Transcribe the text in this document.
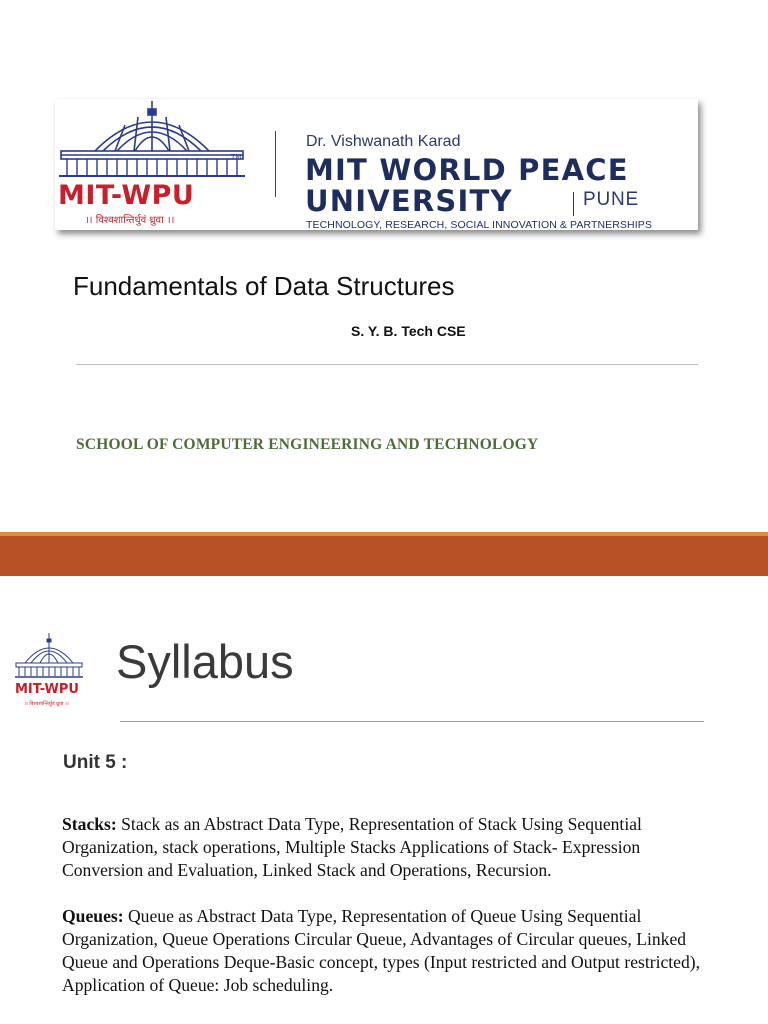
TM
MIT-WPU
।। विश्वशान्तिर्धुवं ध्रुवा ।।
Dr. Vishwanath Karad
MIT WORLD PEACE
UNIVERSITY	PUNE
TECHNOLOGY, RESEARCH, SOCIAL INNOVATION & PARTNERSHIPS
Fundamentals of Data Structures
S. Y. B. Tech CSE
SCHOOL OF COMPUTER ENGINEERING AND TECHNOLOGY
MIT-WPU
।। विश्वशान्तिर्धुवं ध्रुवा ।।
Syllabus
Unit 5 :
Stacks: Stack as an Abstract Data Type, Representation of Stack Using Sequential Organization, stack operations, Multiple Stacks Applications of Stack- Expression Conversion and Evaluation, Linked Stack and Operations, Recursion.
Queues: Queue as Abstract Data Type, Representation of Queue Using Sequential Organization, Queue Operations Circular Queue, Advantages of Circular queues, Linked Queue and Operations Deque-Basic concept, types (Input restricted and Output restricted), Application of Queue: Job scheduling.
